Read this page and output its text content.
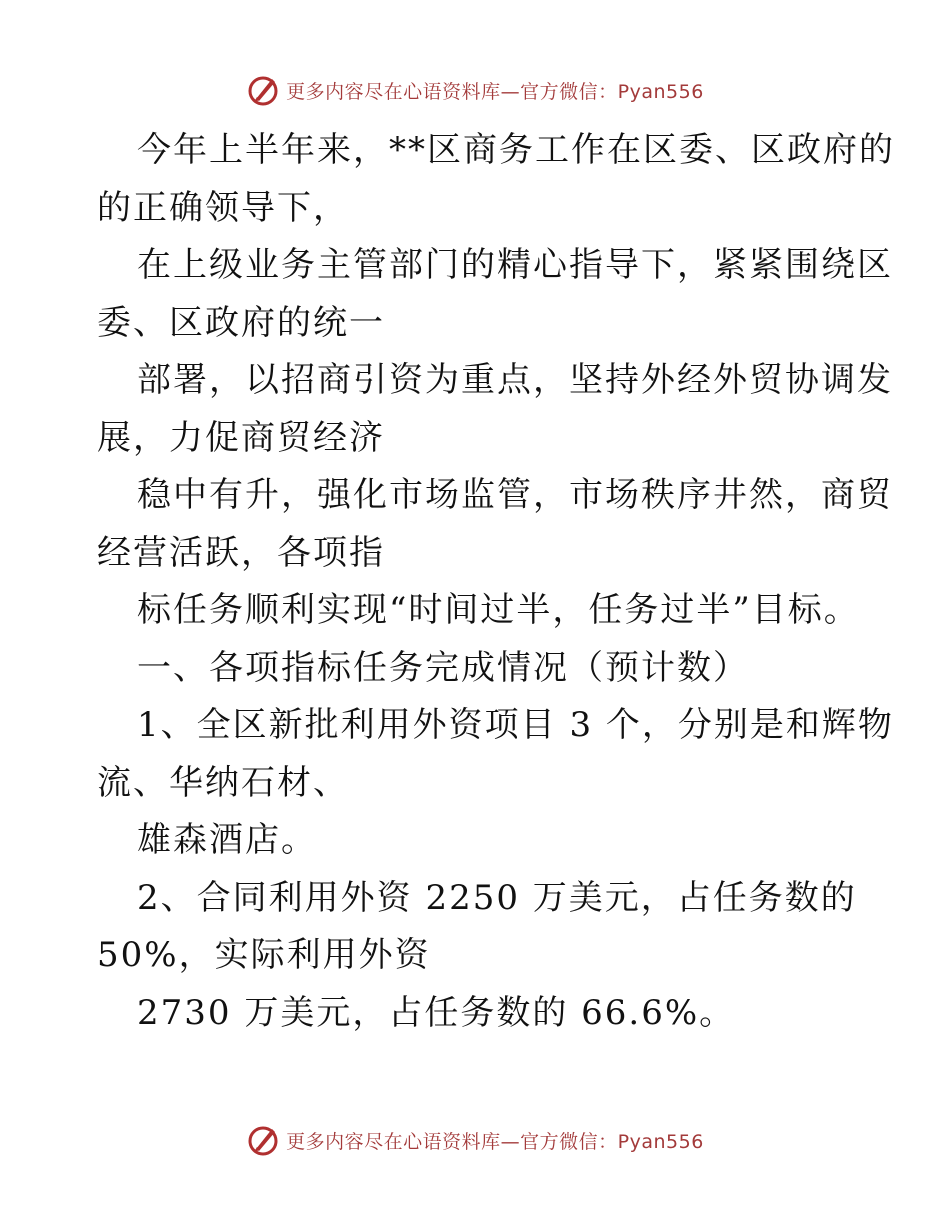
更多内容尽在心语资料库—官方微信：Pyan556
今年上半年来，**区商务工作在区委、区政府的
的正确领导下，
在上级业务主管部门的精心指导下，紧紧围绕区
委、区政府的统一
部署，以招商引资为重点，坚持外经外贸协调发
展，力促商贸经济
稳中有升，强化市场监管，市场秩序井然，商贸
经营活跃，各项指
标任务顺利实现“时间过半，任务过半”目标。
一、各项指标任务完成情况（预计数）
1、全区新批利用外资项目 3 个，分别是和辉物
流、华纳石材、
雄森酒店。
2、合同利用外资 2250 万美元，占任务数的
50%，实际利用外资
2730 万美元，占任务数的 66.6%。
更多内容尽在心语资料库—官方微信：Pyan556
